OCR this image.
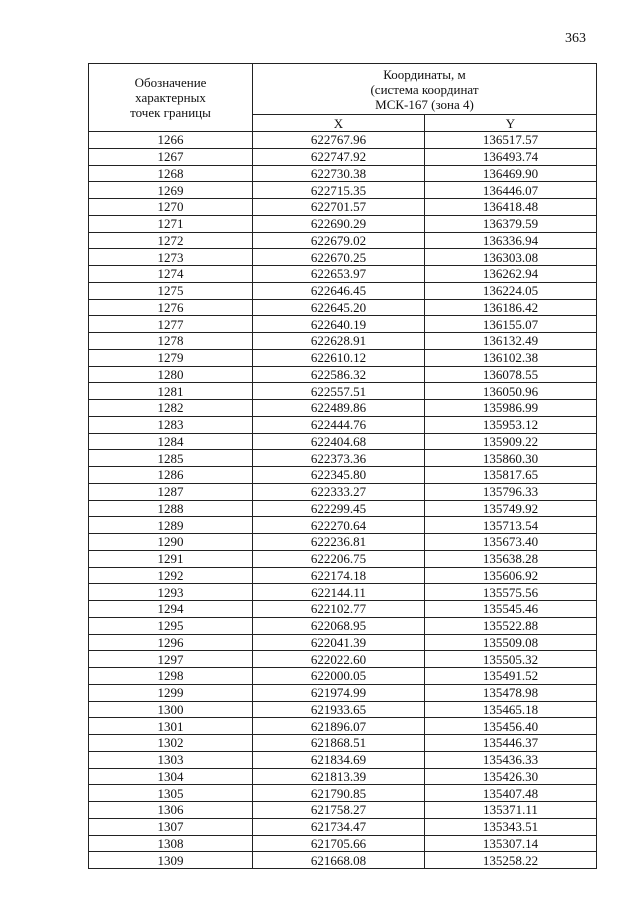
363
Обозначение
характерных
точек границы	Координаты, м
(система координат
МСК-167 (зона 4)	

	X	Y
1266	622767.96	136517.57
1267	622747.92	136493.74
1268	622730.38	136469.90
1269	622715.35	136446.07
1270	622701.57	136418.48
1271	622690.29	136379.59
1272	622679.02	136336.94
1273	622670.25	136303.08
1274	622653.97	136262.94
1275	622646.45	136224.05
1276	622645.20	136186.42
1277	622640.19	136155.07
1278	622628.91	136132.49
1279	622610.12	136102.38
1280	622586.32	136078.55
1281	622557.51	136050.96
1282	622489.86	135986.99
1283	622444.76	135953.12
1284	622404.68	135909.22
1285	622373.36	135860.30
1286	622345.80	135817.65
1287	622333.27	135796.33
1288	622299.45	135749.92
1289	622270.64	135713.54
1290	622236.81	135673.40
1291	622206.75	135638.28
1292	622174.18	135606.92
1293	622144.11	135575.56
1294	622102.77	135545.46
1295	622068.95	135522.88
1296	622041.39	135509.08
1297	622022.60	135505.32
1298	622000.05	135491.52
1299	621974.99	135478.98
1300	621933.65	135465.18
1301	621896.07	135456.40
1302	621868.51	135446.37
1303	621834.69	135436.33
1304	621813.39	135426.30
1305	621790.85	135407.48
1306	621758.27	135371.11
1307	621734.47	135343.51
1308	621705.66	135307.14
1309	621668.08	135258.22
